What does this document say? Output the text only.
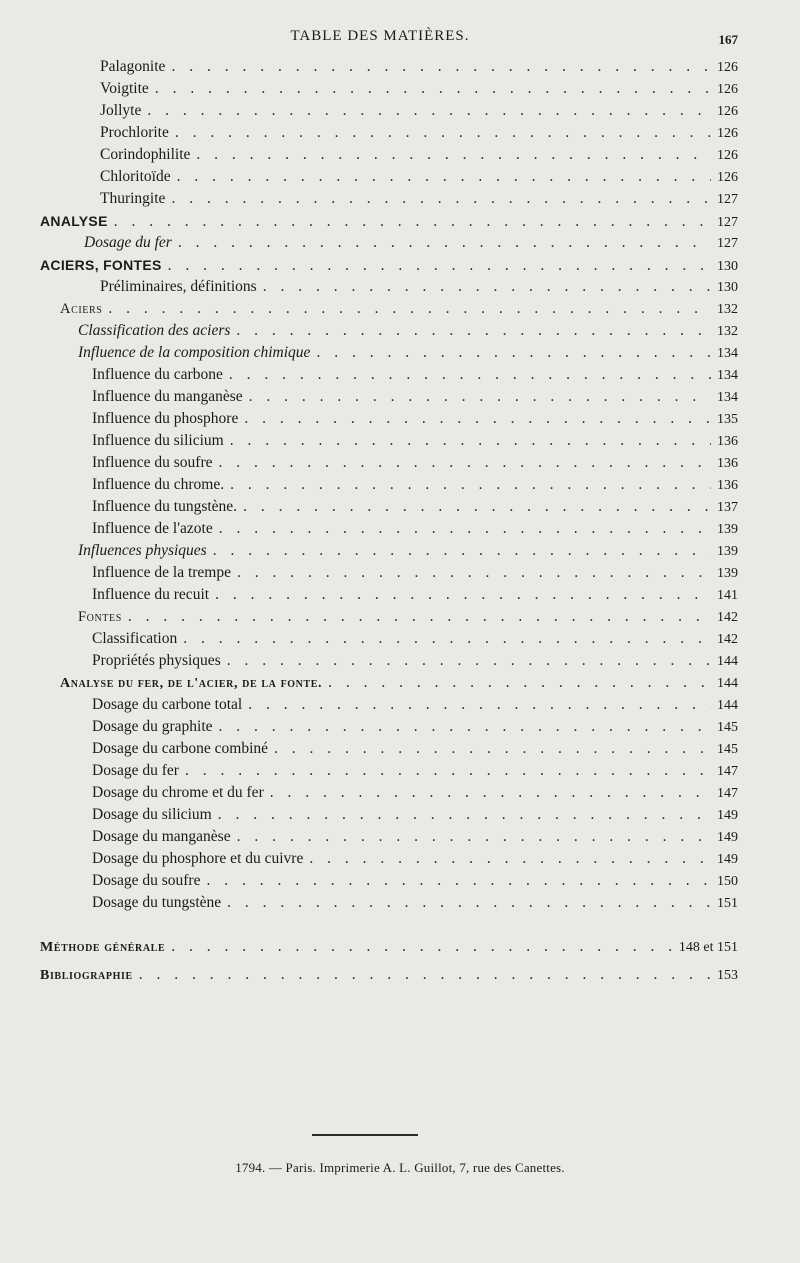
TABLE DES MATIÈRES.	167
Palagonite . . .	126
Voigtite . . .	126
Jollyte . . .	126
Prochlorite . . .	126
Corindophilite . . .	126
Chloritoïde . . .	126
Thuringite . . .	127
ANALYSE . . .	127
Dosage du fer . . .	127
ACIERS, FONTES . . .	130
Préliminaires, définitions . . .	130
Aciers . . .	132
Classification des aciers . . .	132
Influence de la composition chimique . . .	134
Influence du carbone . . .	134
Influence du manganèse . . .	134
Influence du phosphore . . .	135
Influence du silicium . . .	136
Influence du soufre . . .	136
Influence du chrome. . . .	136
Influence du tungstène. . . .	137
Influence de l'azote . . .	139
Influences physiques . . .	139
Influence de la trempe . . .	139
Influence du recuit . . .	141
Fontes . . .	142
Classification . . .	142
Propriétés physiques . . .	144
Analyse du fer, de l'acier, de la fonte. . . .	144
Dosage du carbone total . . .	144
Dosage du graphite . . .	145
Dosage du carbone combiné . . .	145
Dosage du fer . . .	147
Dosage du chrome et du fer . . .	147
Dosage du silicium . . .	149
Dosage du manganèse . . .	149
Dosage du phosphore et du cuivre . . .	149
Dosage du soufre . . .	150
Dosage du tungstène . . .	151
Méthode générale . . .	148 et 151
Bibliographie . . .	153
1794. — Paris. Imprimerie A. L. Guillot, 7, rue des Canettes.
